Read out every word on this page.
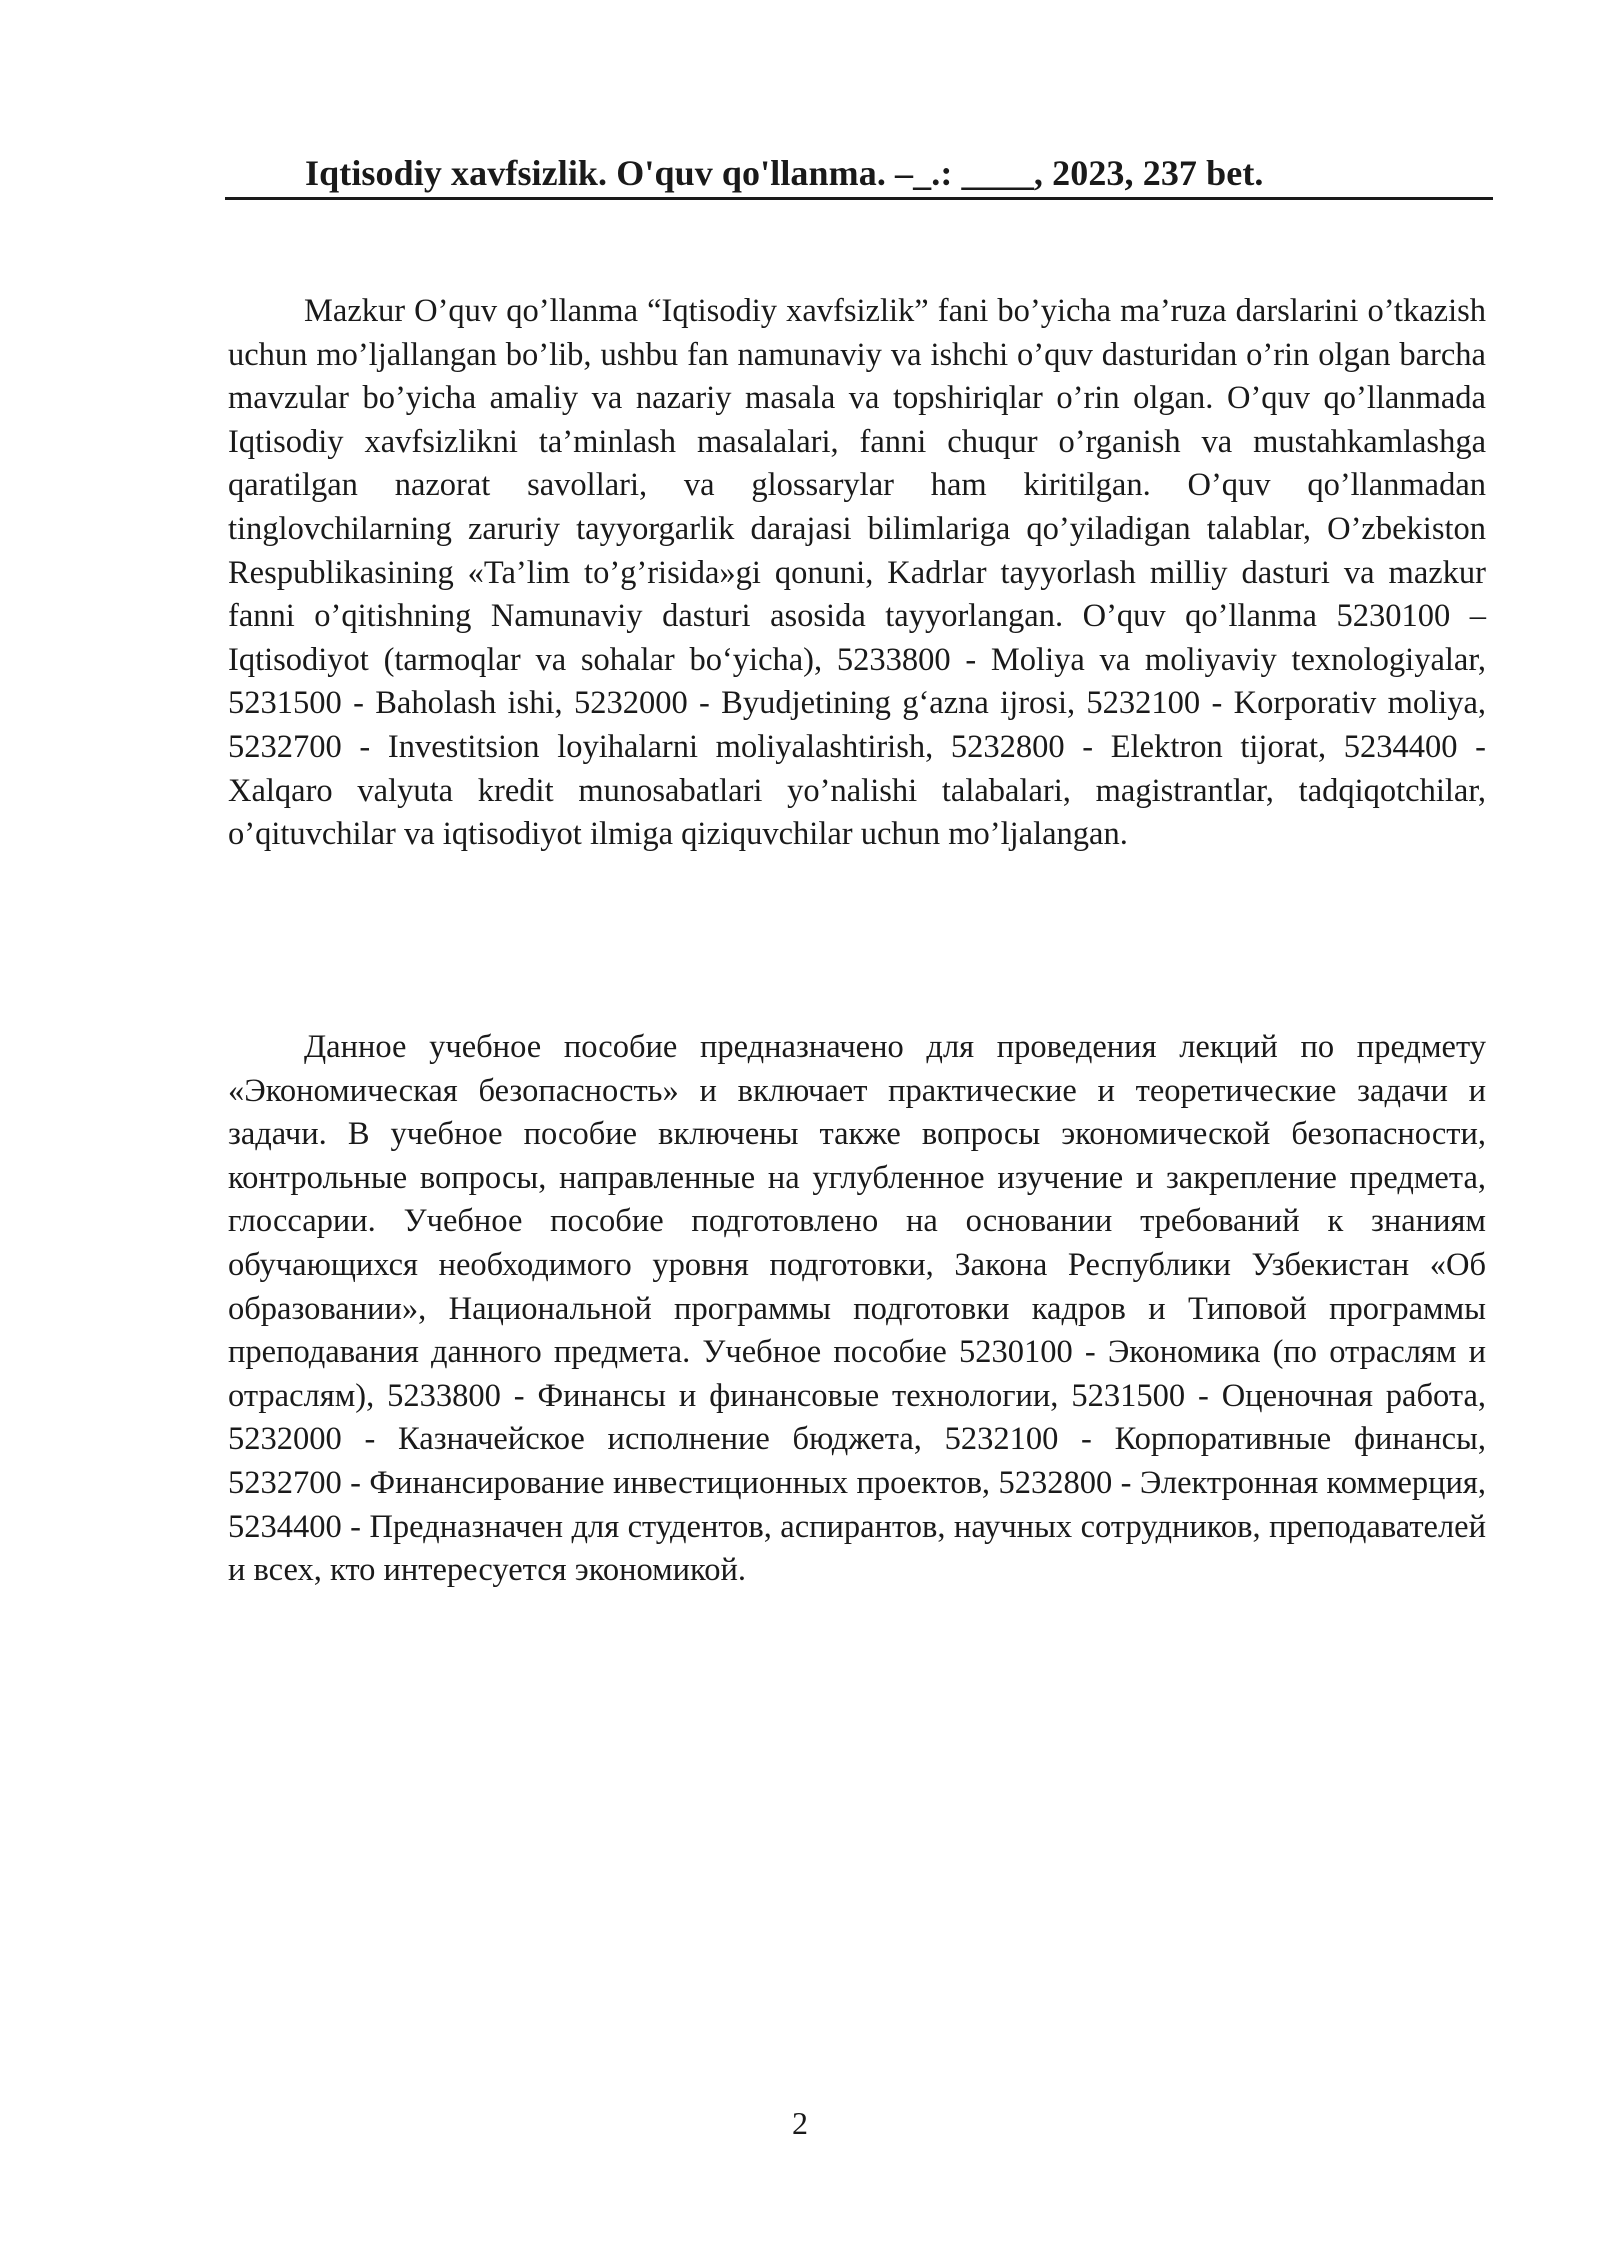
Iqtisodiy xavfsizlik. O'quv qo'llanma. –_.: ____, 2023, 237 bet.

Mazkur O’quv qo’llanma “Iqtisodiy xavfsizlik” fani bo’yicha ma’ruza darslarini o’tkazish uchun mo’ljallangan bo’lib, ushbu fan namunaviy va ishchi o’quv dasturidan o’rin olgan barcha mavzular bo’yicha amaliy va nazariy masala va topshiriqlar o’rin olgan. O’quv qo’llanmada Iqtisodiy xavfsizlikni ta’minlash masalalari, fanni chuqur o’rganish va mustahkamlashga qaratilgan nazorat savollari, va glossarylar ham kiritilgan. O’quv qo’llanmadan tinglovchilarning zaruriy tayyorgarlik darajasi bilimlariga qo’yiladigan talablar, O’zbekiston Respublikasining «Ta’lim to’g’risida»gi qonuni, Kadrlar tayyorlash milliy dasturi va mazkur fanni o’qitishning Namunaviy dasturi asosida tayyorlangan. O’quv qo’llanma 5230100 – Iqtisodiyot (tarmoqlar va sohalar bo‘yicha), 5233800 - Moliya va moliyaviy texnologiyalar, 5231500 - Baholash ishi, 5232000 - Byudjetining g‘azna ijrosi, 5232100 - Korporativ moliya, 5232700 - Investitsion loyihalarni moliyalashtirish, 5232800 - Elektron tijorat, 5234400 - Xalqaro valyuta kredit munosabatlari yo’nalishi talabalari, magistrantlar, tadqiqotchilar, o’qituvchilar va iqtisodiyot ilmiga qiziquvchilar uchun mo’ljalangan.

Данное учебное пособие предназначено для проведения лекций по предмету «Экономическая безопасность» и включает практические и теоретические задачи и задачи. В учебное пособие включены также вопросы экономической безопасности, контрольные вопросы, направленные на углубленное изучение и закрепление предмета, глоссарии. Учебное пособие подготовлено на основании требований к знаниям обучающихся необходимого уровня подготовки, Закона Республики Узбекистан «Об образовании», Национальной программы подготовки кадров и Типовой программы преподавания данного предмета. Учебное пособие 5230100 - Экономика (по отраслям и отраслям), 5233800 - Финансы и финансовые технологии, 5231500 - Оценочная работа, 5232000 - Казначейское исполнение бюджета, 5232100 - Корпоративные финансы, 5232700 - Финансирование инвестиционных проектов, 5232800 - Электронная коммерция, 5234400 - Предназначен для студентов, аспирантов, научных сотрудников, преподавателей и всех, кто интересуется экономикой.

2
